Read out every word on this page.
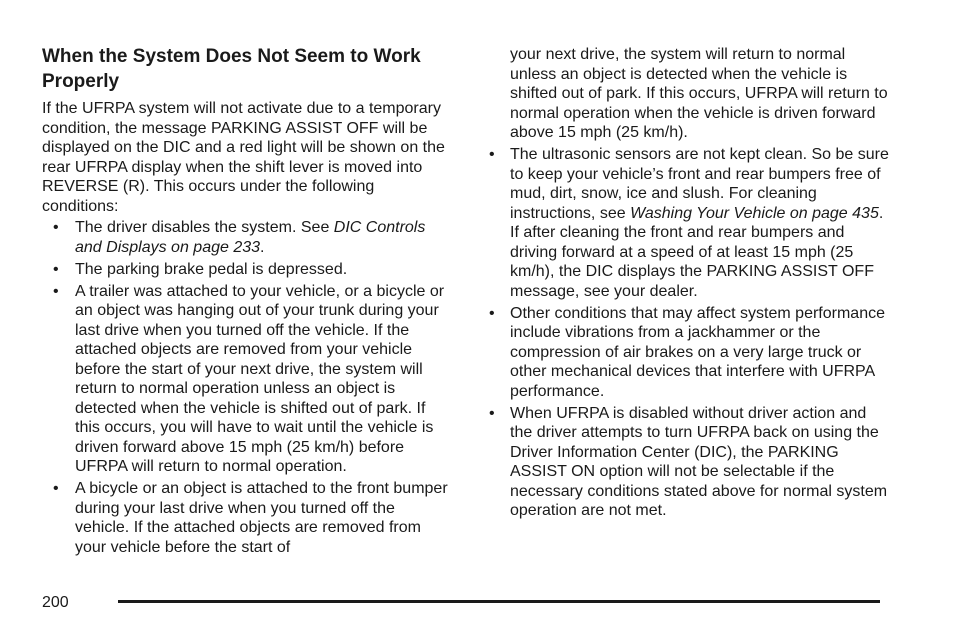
When the System Does Not Seem to Work Properly

If the UFRPA system will not activate due to a temporary condition, the message PARKING ASSIST OFF will be displayed on the DIC and a red light will be shown on the rear UFRPA display when the shift lever is moved into REVERSE (R). This occurs under the following conditions:

• The driver disables the system. See DIC Controls and Displays on page 233.
• The parking brake pedal is depressed.
• A trailer was attached to your vehicle, or a bicycle or an object was hanging out of your trunk during your last drive when you turned off the vehicle. If the attached objects are removed from your vehicle before the start of your next drive, the system will return to normal operation unless an object is detected when the vehicle is shifted out of park. If this occurs, you will have to wait until the vehicle is driven forward above 15 mph (25 km/h) before UFRPA will return to normal operation.
• A bicycle or an object is attached to the front bumper during your last drive when you turned off the vehicle. If the attached objects are removed from your vehicle before the start of
your next drive, the system will return to normal unless an object is detected when the vehicle is shifted out of park. If this occurs, UFRPA will return to normal operation when the vehicle is driven forward above 15 mph (25 km/h).
• The ultrasonic sensors are not kept clean. So be sure to keep your vehicle’s front and rear bumpers free of mud, dirt, snow, ice and slush. For cleaning instructions, see Washing Your Vehicle on page 435. If after cleaning the front and rear bumpers and driving forward at a speed of at least 15 mph (25 km/h), the DIC displays the PARKING ASSIST OFF message, see your dealer.
• Other conditions that may affect system performance include vibrations from a jackhammer or the compression of air brakes on a very large truck or other mechanical devices that interfere with UFRPA performance.
• When UFRPA is disabled without driver action and the driver attempts to turn UFRPA back on using the Driver Information Center (DIC), the PARKING ASSIST ON option will not be selectable if the necessary conditions stated above for normal system operation are not met.
200
